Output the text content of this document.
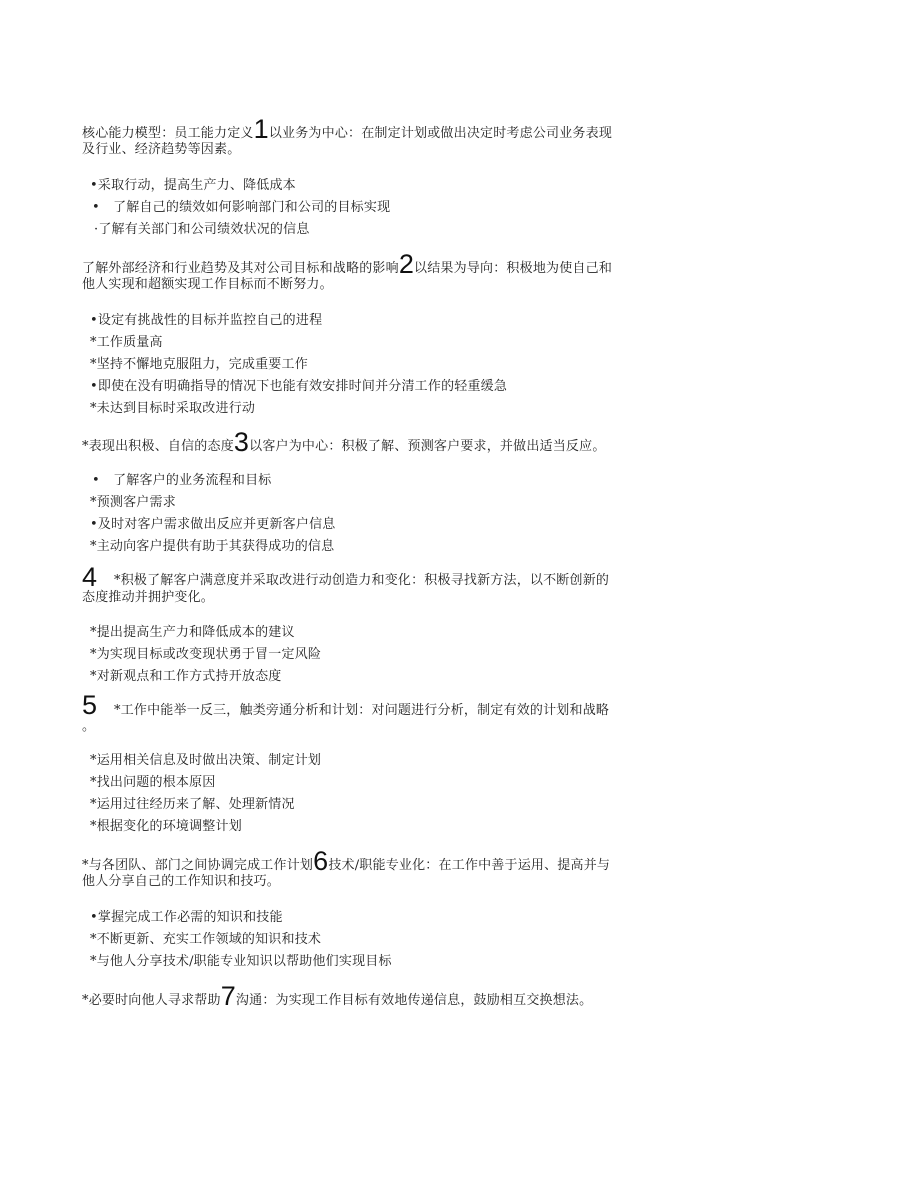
核心能力模型：员工能力定义1以业务为中心：在制定计划或做出决定时考虑公司业务表现
及行业、经济趋势等因素。
•采取行动，提高生产力、降低成本
•　了解自己的绩效如何影响部门和公司的目标实现
·了解有关部门和公司绩效状况的信息
了解外部经济和行业趋势及其对公司目标和战略的影响2以结果为导向：积极地为使自己和
他人实现和超额实现工作目标而不断努力。
•设定有挑战性的目标并监控自己的进程
*工作质量高
*坚持不懈地克服阻力，完成重要工作
•即使在没有明确指导的情况下也能有效安排时间并分清工作的轻重缓急
*未达到目标时采取改进行动
*表现出积极、自信的态度3以客户为中心：积极了解、预测客户要求，并做出适当反应。
•　了解客户的业务流程和目标
*预测客户需求
•及时对客户需求做出反应并更新客户信息
*主动向客户提供有助于其获得成功的信息
4 *积极了解客户满意度并采取改进行动创造力和变化：积极寻找新方法，以不断创新的
态度推动并拥护变化。
*提出提高生产力和降低成本的建议
*为实现目标或改变现状勇于冒一定风险
*对新观点和工作方式持开放态度
5 *工作中能举一反三，触类旁通分析和计划：对问题进行分析，制定有效的计划和战略
。
*运用相关信息及时做出决策、制定计划
*找出问题的根本原因
*运用过往经历来了解、处理新情况
*根据变化的环境调整计划
*与各团队、部门之间协调完成工作计划6技术/职能专业化：在工作中善于运用、提高并与
他人分享自己的工作知识和技巧。
•掌握完成工作必需的知识和技能
*不断更新、充实工作领域的知识和技术
*与他人分享技术/职能专业知识以帮助他们实现目标
*必要时向他人寻求帮助7沟通：为实现工作目标有效地传递信息，鼓励相互交换想法。
